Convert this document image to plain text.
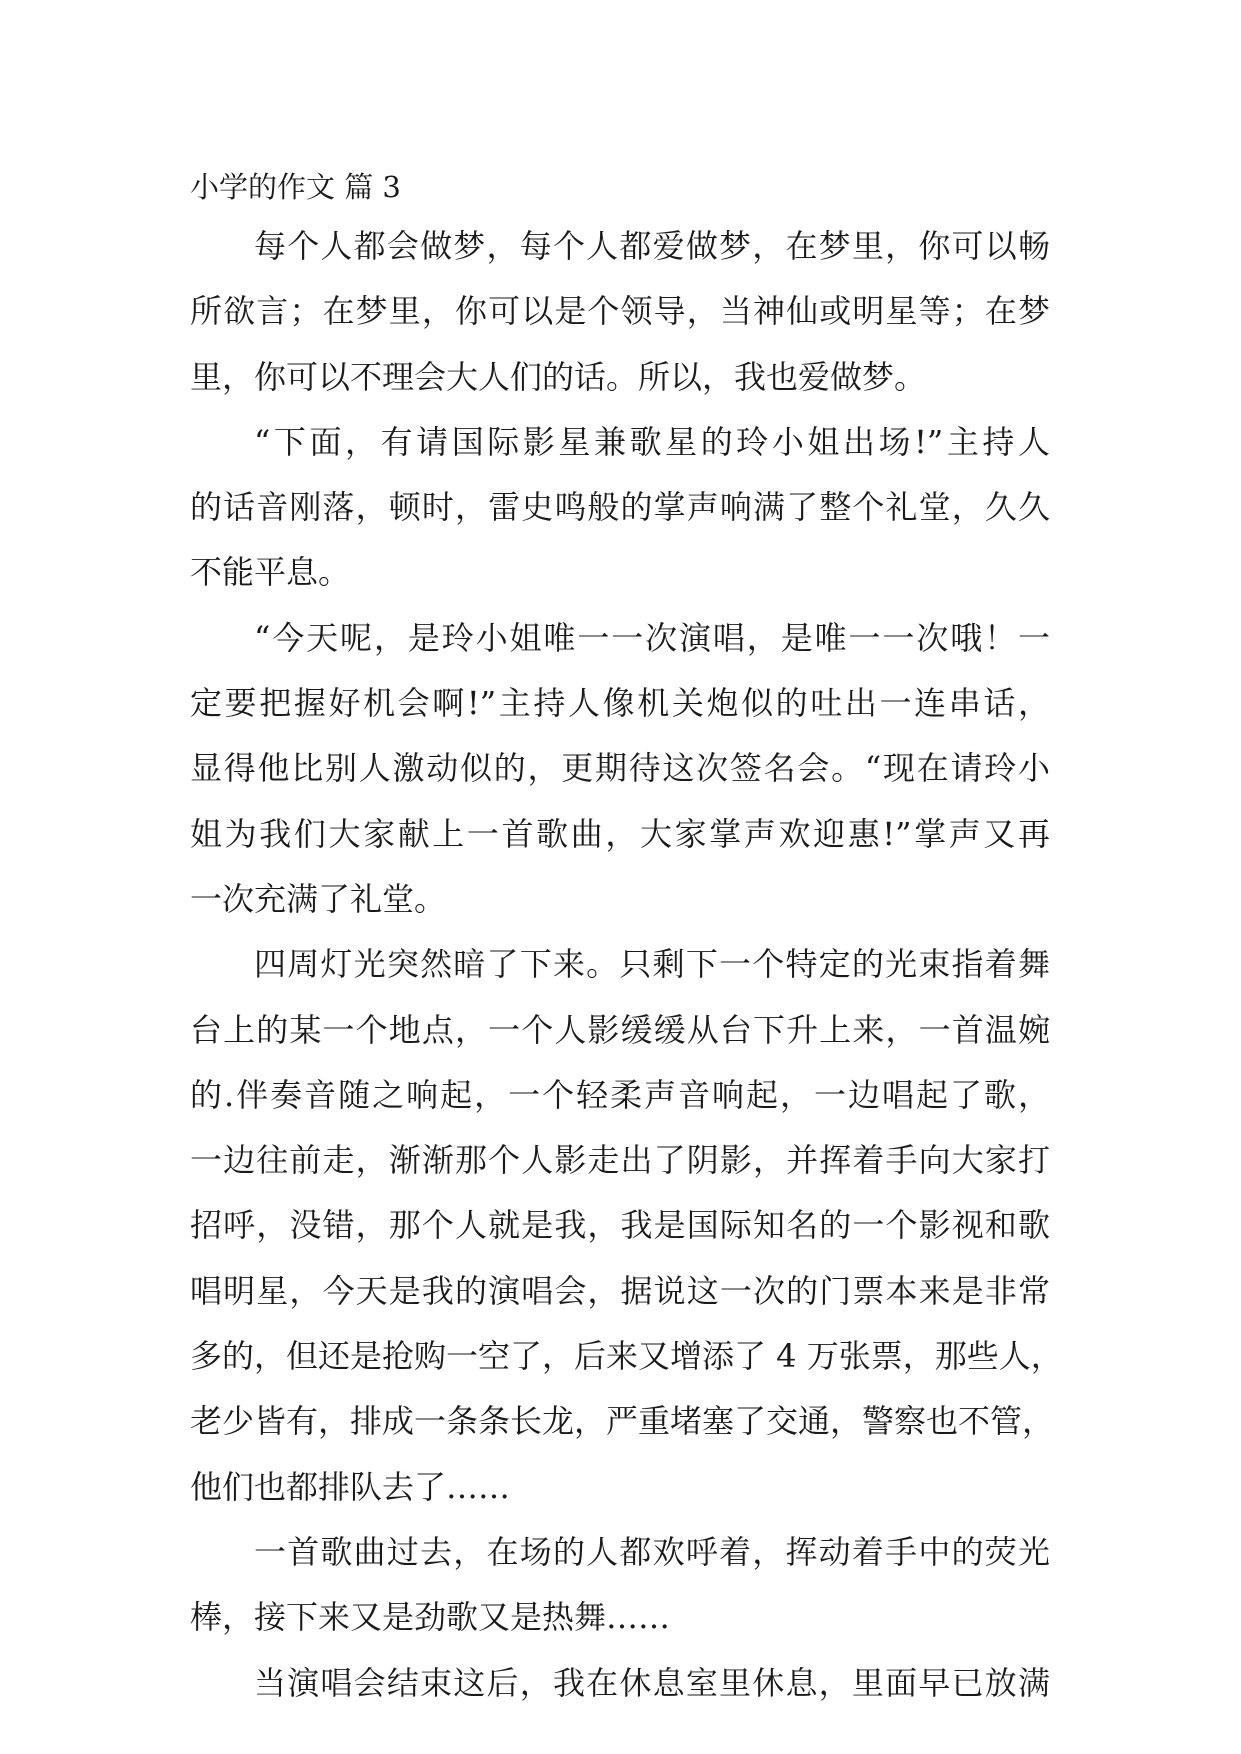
小学的作文 篇 3
每个人都会做梦，每个人都爱做梦，在梦里，你可以畅
所欲言；在梦里，你可以是个领导，当神仙或明星等；在梦
里，你可以不理会大人们的话。所以，我也爱做梦。
“下面，有请国际影星兼歌星的玲小姐出场!”主持人
的话音刚落，顿时，雷史鸣般的掌声响满了整个礼堂，久久
不能平息。
“今天呢，是玲小姐唯一一次演唱，是唯一一次哦！一
定要把握好机会啊!”主持人像机关炮似的吐出一连串话，
显得他比别人激动似的，更期待这次签名会。“现在请玲小
姐为我们大家献上一首歌曲，大家掌声欢迎惠!”掌声又再
一次充满了礼堂。
四周灯光突然暗了下来。只剩下一个特定的光束指着舞
台上的某一个地点，一个人影缓缓从台下升上来，一首温婉
的.伴奏音随之响起，一个轻柔声音响起，一边唱起了歌，
一边往前走，渐渐那个人影走出了阴影，并挥着手向大家打
招呼，没错，那个人就是我，我是国际知名的一个影视和歌
唱明星，今天是我的演唱会，据说这一次的门票本来是非常
多的，但还是抢购一空了，后来又增添了 4 万张票，那些人，
老少皆有，排成一条条长龙，严重堵塞了交通，警察也不管，
他们也都排队去了……
一首歌曲过去，在场的人都欢呼着，挥动着手中的荧光
棒，接下来又是劲歌又是热舞……
当演唱会结束这后，我在休息室里休息，里面早已放满
